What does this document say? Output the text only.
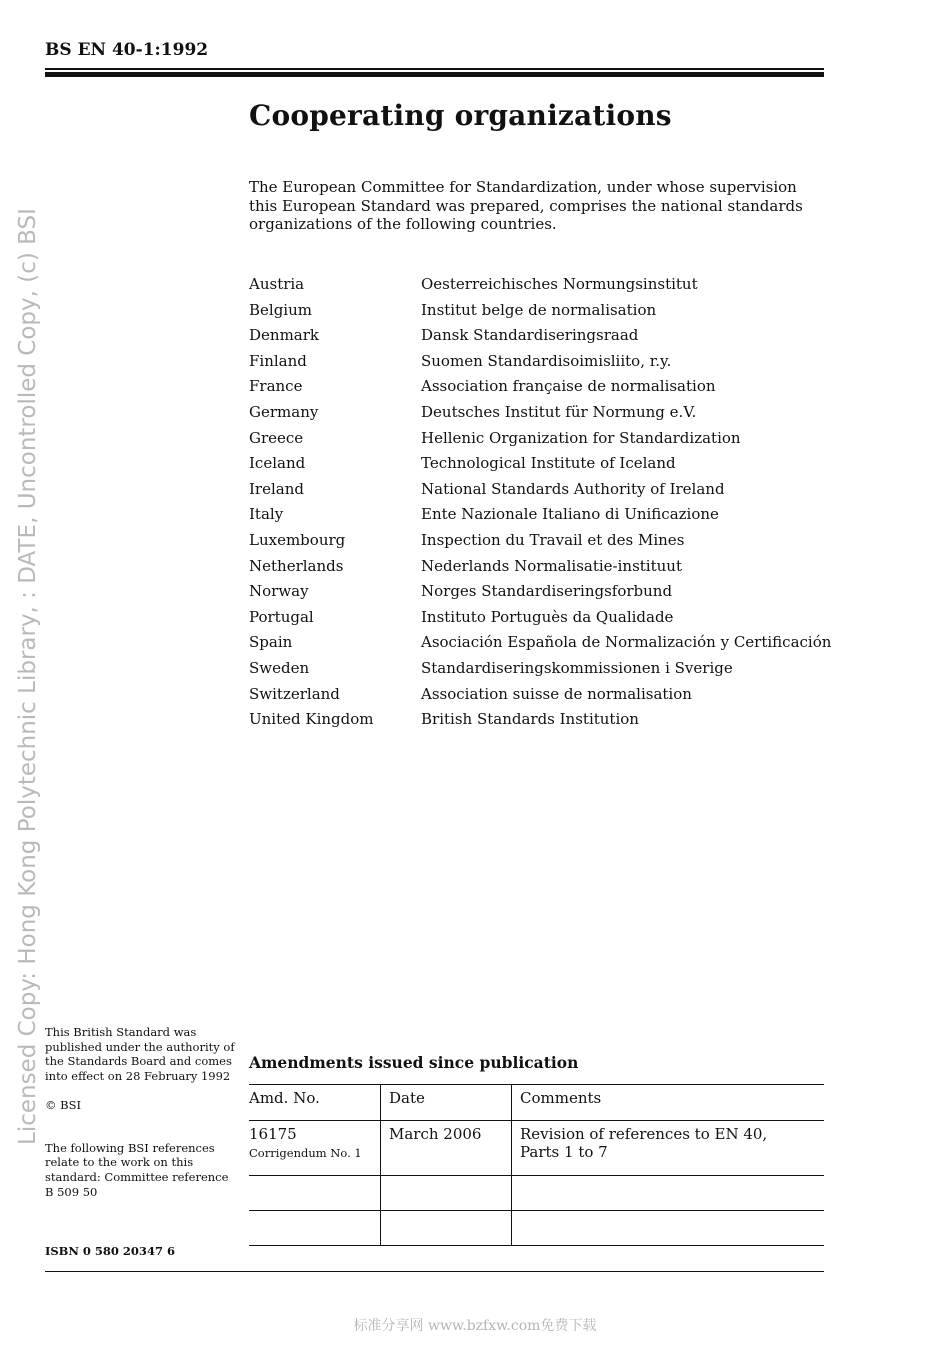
BS EN 40-1:1992
Cooperating organizations

The European Committee for Standardization, under whose supervision this European Standard was prepared, comprises the national standards organizations of the following countries.

Austria	Oesterreichisches Normungsinstitut
Belgium	Institut belge de normalisation
Denmark	Dansk Standardiseringsraad
Finland	Suomen Standardisoimisliito, r.y.
France	Association française de normalisation
Germany	Deutsches Institut für Normung e.V.
Greece	Hellenic Organization for Standardization
Iceland	Technological Institute of Iceland
Ireland	National Standards Authority of Ireland
Italy	Ente Nazionale Italiano di Unificazione
Luxembourg	Inspection du Travail et des Mines
Netherlands	Nederlands Normalisatie-instituut
Norway	Norges Standardiseringsforbund
Portugal	Instituto Portuguès da Qualidade
Spain	Asociación Española de Normalización y Certificación
Sweden	Standardiseringskommissionen i Sverige
Switzerland	Association suisse de normalisation
United Kingdom	British Standards Institution
Licensed Copy: Hong Kong Polytechnic Library, : DATE, Uncontrolled Copy, (c) BSI This British Standard was published under the authority of the Standards Board and comes into effect on 28 February 1992

© BSI

The following BSI references relate to the work on this standard: Committee reference B 509 50

ISBN 0 580 20347 6
Amendments issued since publication
Amd. No.	Date	Comments
16175
Corrigendum No. 1	March 2006	Revision of references to EN 40, Parts 1 to 7

标准分享网 www.bzfxw.com免费下载
